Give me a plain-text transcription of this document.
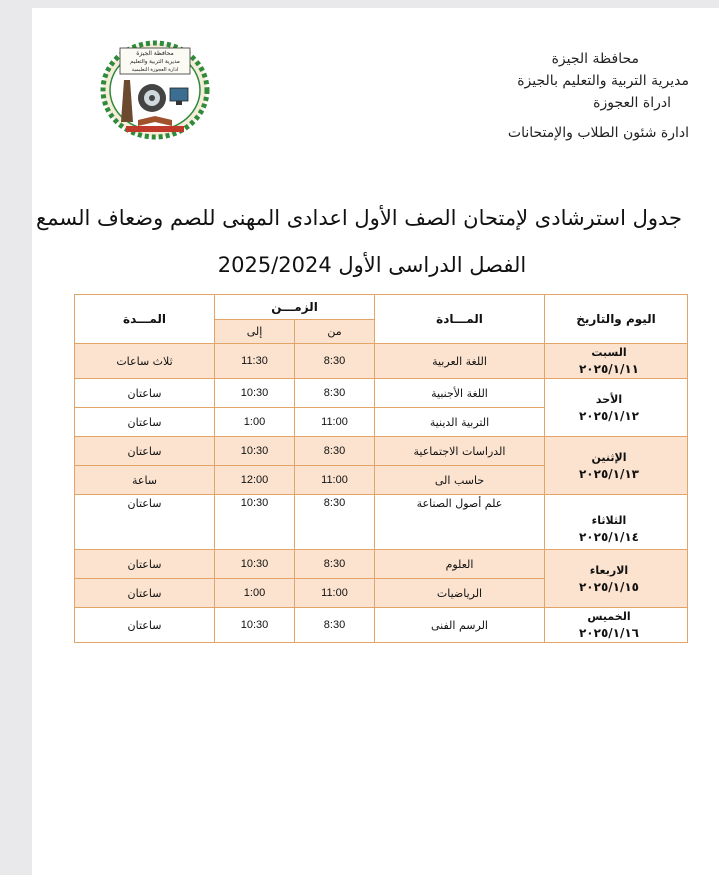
محافظة الجيزة
مديرية التربية والتعليم بالجيزة
ادراة العجوزة
ادارة شئون الطلاب والإمتحانات
محافظة الجيزة
مديرية التربية والتعليم
ادارة العجوزة التعليمية
جدول استرشادى لإمتحان الصف الأول اعدادى المهنى للصم وضعاف السمع
الفصل الدراسى الأول 2025/2024
اليوم والتاريخ	المـــادة	الزمـــن		المـــدة
		من	إلى	

السبت
٢٠٢٥/١/١١	اللغة العربية	8:30	11:30	ثلاث ساعات

الأحد
٢٠٢٥/١/١٢	اللغة الأجنبية	8:30	10:30	ساعتان
	التربية الدينية	11:00	1:00	ساعتان

الإثنين
٢٠٢٥/١/١٣	الدراسات الاجتماعية	8:30	10:30	ساعتان
	حاسب الى	11:00	12:00	ساعة

الثلاثاء
٢٠٢٥/١/١٤	علم أصول الصناعة	8:30	10:30	ساعتان

الاربعاء
٢٠٢٥/١/١٥	العلوم	8:30	10:30	ساعتان
	الرياضيات	11:00	1:00	ساعتان

الخميس
٢٠٢٥/١/١٦	الرسم الفنى	8:30	10:30	ساعتان
